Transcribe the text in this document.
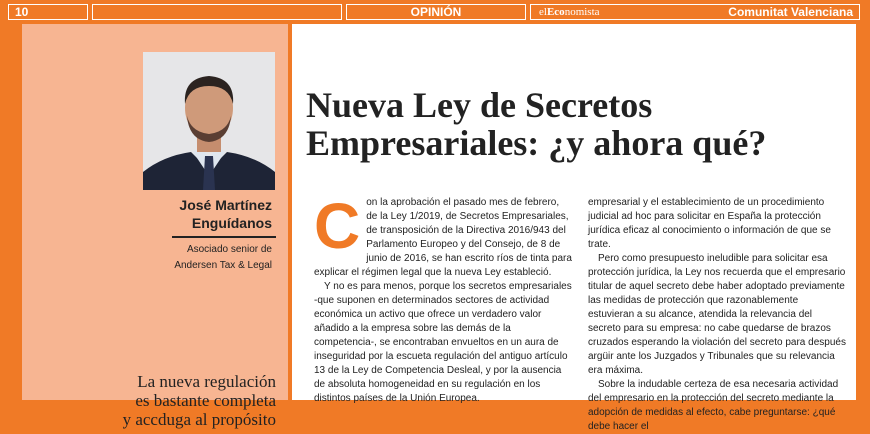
10	OPINIÓN	elEconomista	Comunitat Valenciana
José Martínez
Enguídanos
Asociado senior de
Andersen Tax & Legal
La nueva regulación
es bastante completa
y accduga al propósito
Nueva Ley de Secretos
Empresariales: ¿y ahora qué?
C on la aprobación el pasado mes de febrero, de la Ley 1/2019, de Secretos Empresariales, de transposición de la Directiva 2016/943 del Parlamento Europeo y del Consejo, de 8 de junio de 2016, se han escrito ríos de tinta para explicar el régimen legal que la nueva Ley estableció.

Y no es para menos, porque los secretos empresariales -que suponen en determinados sectores de actividad económica un activo que ofrece un verdadero valor añadido a la empresa sobre las demás de la competencia-, se encontraban envueltos en un aura de inseguridad por la escueta regulación del antiguo artículo 13 de la Ley de Competencia Desleal, y por la ausencia de absoluta homogeneidad en su regulación en los distintos países de la Unión Europea.

empresarial y el establecimiento de un procedimiento judicial ad hoc para solicitar en España la protección jurídica eficaz al conocimiento o información de que se trate.

Pero como presupuesto ineludible para solicitar esa protección jurídica, la Ley nos recuerda que el empresario titular de aquel secreto debe haber adoptado previamente las medidas de protección que razonablemente estuvieran a su alcance, atendida la relevancia del secreto para su empresa: no cabe quedarse de brazos cruzados esperando la violación del secreto para después argüir ante los Juzgados y Tribunales que su relevancia era máxima.

Sobre la indudable certeza de esa necesaria actividad del empresario en la protección del secreto mediante la adopción de medidas al efecto, cabe preguntarse: ¿qué debe hacer el
